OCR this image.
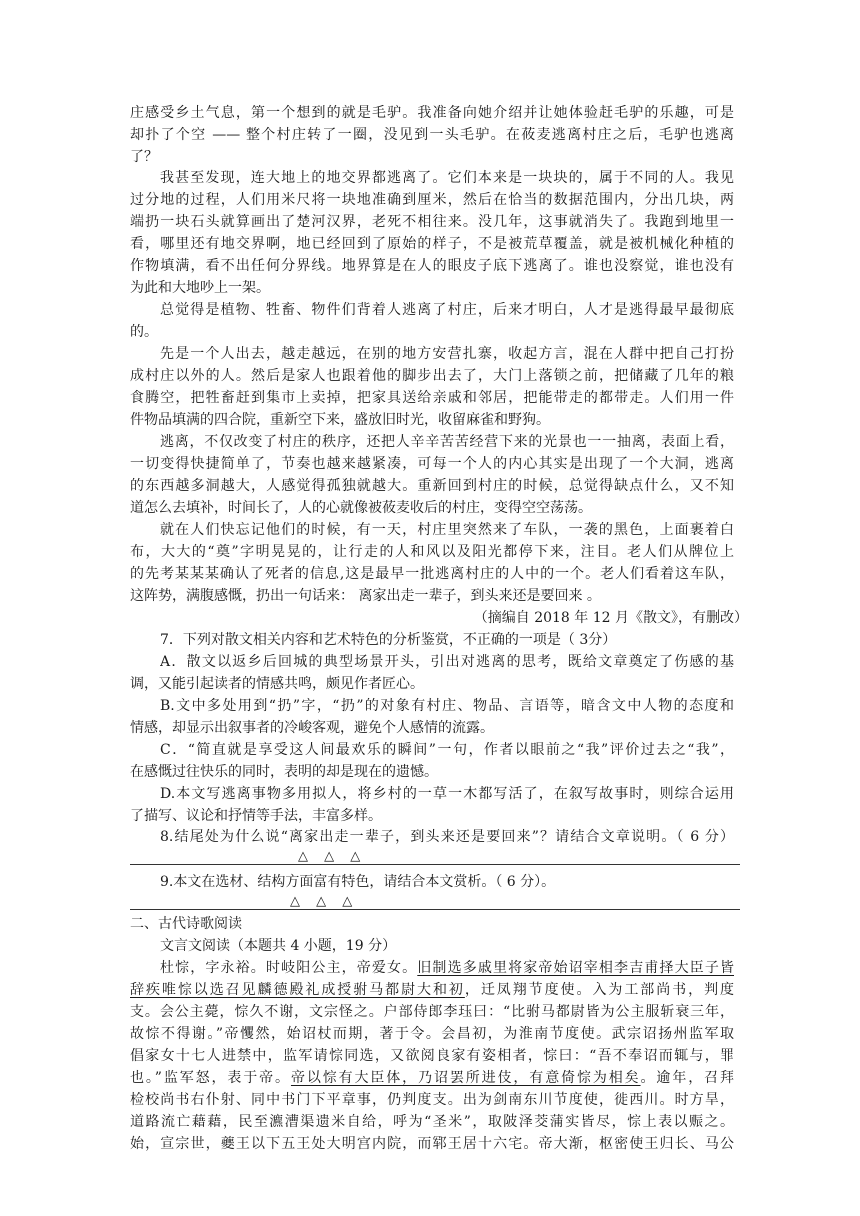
庄感受乡土气息，第一个想到的就是毛驴。我准备向她介绍并让她体验赶毛驴的乐趣，可是
却扑了个空 —— 整个村庄转了一圈，没见到一头毛驴。在莜麦逃离村庄之后，毛驴也逃离
了？
我甚至发现，连大地上的地交界都逃离了。它们本来是一块块的，属于不同的人。我见
过分地的过程，人们用米尺将一块地准确到厘米，然后在恰当的数据范围内，分出几块，两
端扔一块石头就算画出了楚河汉界，老死不相往来。没几年，这事就消失了。我跑到地里一
看，哪里还有地交界啊，地已经回到了原始的样子，不是被荒草覆盖，就是被机械化种植的
作物填满，看不出任何分界线。地界算是在人的眼皮子底下逃离了。谁也没察觉，谁也没有
为此和大地吵上一架。
总觉得是植物、牲畜、物件们背着人逃离了村庄，后来才明白，人才是逃得最早最彻底
的。
先是一个人出去，越走越远，在别的地方安营扎寨，收起方言，混在人群中把自己打扮
成村庄以外的人。然后是家人也跟着他的脚步出去了，大门上落锁之前，把储藏了几年的粮
食腾空，把牲畜赶到集市上卖掉，把家具送给亲戚和邻居，把能带走的都带走。人们用一件
件物品填满的四合院，重新空下来，盛放旧时光，收留麻雀和野狗。
逃离，不仅改变了村庄的秩序，还把人辛辛苦苦经营下来的光景也一一抽离，表面上看，
一切变得快捷简单了，节奏也越来越紧凑，可每一个人的内心其实是出现了一个大洞，逃离
的东西越多洞越大，人感觉得孤独就越大。重新回到村庄的时候，总觉得缺点什么，又不知
道怎么去填补，时间长了，人的心就像被莜麦收后的村庄，变得空空荡荡。
就在人们快忘记他们的时候，有一天，村庄里突然来了车队，一袭的黑色，上面裹着白
布，大大的“奠”字明晃晃的，让行走的人和风以及阳光都停下来，注目。老人们从牌位上
的先考某某某确认了死者的信息,这是最早一批逃离村庄的人中的一个。老人们看着这车队，
这阵势，满腹感慨，扔出一句话来： 离家出走一辈子，到头来还是要回来 。
（摘编自 2018 年 12 月《散文》，有删改）
7．下列对散文相关内容和艺术特色的分析鉴赏，不正确的一项是（ 3分）
A．散文以返乡后回城的典型场景开头，引出对逃离的思考，既给文章奠定了伤感的基
调，又能引起读者的情感共鸣，颇见作者匠心。
B.文中多处用到“扔”字，“扔”的对象有村庄、物品、言语等，暗含文中人物的态度和
情感，却显示出叙事者的冷峻客观，避免个人感情的流露。
C．“简直就是享受这人间最欢乐的瞬间”一句，作者以眼前之“我”评价过去之“我”，
在感慨过往快乐的同时，表明的却是现在的遗憾。
D.本文写逃离事物多用拟人，将乡村的一草一木都写活了，在叙写故事时，则综合运用
了描写、议论和抒情等手法，丰富多样。
8.结尾处为什么说“离家出走一辈子，到头来还是要回来”？请结合文章说明。（ 6 分）
△ △ △
9.本文在选材、结构方面富有特色，请结合本文赏析。（ 6 分）。
△ △ △
二、古代诗歌阅读
文言文阅读（本题共 4 小题，19 分）
杜悰，字永裕。时岐阳公主，帝爱女。旧制选多戚里将家帝始诏宰相李吉甫择大臣子皆
辞疾唯悰以选召见麟德殿礼成授驸马都尉大和初，迁凤翔节度使。入为工部尚书，判度
支。会公主薨，悰久不谢，文宗怪之。户部侍郎李珏曰：“比驸马都尉皆为公主服斩衰三年，
故悰不得谢。”帝戄然，始诏杖而期，著于令。会昌初，为淮南节度使。武宗诏扬州监军取
倡家女十七人进禁中，监军请悰同选，又欲阅良家有姿相者，悰曰：“吾不奉诏而辄与，罪
也。”监军怒，表于帝。帝以悰有大臣体，乃诏罢所进伎，有意倚悰为相矣。逾年，召拜
检校尚书右仆射、同中书门下平章事，仍判度支。出为剑南东川节度使，徙西川。时方旱，
道路流亡藉藉，民至瀌漕渠遗米自给，呼为“圣米”，取陂泽茭蒲实皆尽，悰上表以赈之。
始，宣宗世，夔王以下五王处大明宫内院，而郓王居十六宅。帝大渐，枢密使王归长、马公
